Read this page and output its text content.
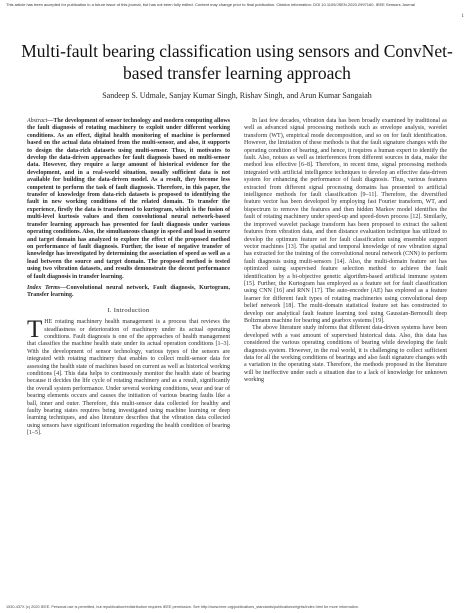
This article has been accepted for publication in a future issue of this journal, but has not been fully edited. Content may change prior to final publication. Citation information: DOI 10.1109/JSEN.2020.2997160, IEEE Sensors Journal
1
Multi-fault bearing classification using sensors and ConvNet-based transfer learning approach
Sandeep S. Udmale, Sanjay Kumar Singh, Rishav Singh, and Arun Kumar Sangaiah
Abstract—The development of sensor technology and modern computing allows the fault diagnosis of rotating machinery to exploit under different working conditions. As an effect, digital health monitoring of machine is performed based on the actual data obtained from the multi-sensor, and also, it supports to design the data-rich datasets using multi-sensor. Thus, it motivates to develop the data-driven approaches for fault diagnosis based on multi-sensor data. However, they require a large amount of historical evidence for the development, and in a real-world situation, usually sufficient data is not available for building the data-driven model. As a result, they become less competent to perform the task of fault diagnosis. Therefore, in this paper, the transfer of knowledge from data-rich datasets is proposed to identifying the fault in new working conditions of the related domain. To transfer the experience, firstly the data is transformed to kurtogram, which is the fusion of multi-level kurtosis values and then convolutional neural network-based transfer learning approach has presented for fault diagnosis under various operating conditions. Also, the simultaneous change in speed and load in source and target domain has analyzed to explore the effect of the proposed method on performance of fault diagnosis. Further, the issue of negative transfer of knowledge has investigated by determining the association of speed as well as a load between the source and target domain. The proposed method is tested using two vibration datasets, and results demonstrate the decent performance of fault diagnosis in transfer learning.
Index Terms—Convolutional neural network, Fault diagnosis, Kurtogram, Transfer learning.
I. Introduction
THE rotating machinery health management is a process that reviews the steadfastness or deterioration of machinery under its actual operating conditions. Fault diagnosis is one of the approaches of health management that classifies the machine health state under its actual operation conditions [1–3]. With the development of sensor technology, various types of the sensors are integrated with rotating machinery that enables to collect multi-sensor data for assessing the health state of machines based on current as well as historical working conditions [4]. This data helps to continuously monitor the health state of bearing because it decides the life cycle of rotating machinery and as a result, significantly the overall system performance. Under several working conditions, wear and tear of bearing elements occurs and causes the initiation of various bearing faults like a ball, inner and outer. Therefore, this multi-sensor data collected for healthy and faulty bearing states requires being investigated using machine learning or deep learning techniques, and also literature describes that the vibration data collected using sensors have significant information regarding the health condition of bearing [1–5].

In last few decades, vibration data has been broadly examined by traditional as well as advanced signal processing methods such as envelope analysis, wavelet transform (WT), empirical mode decomposition, and so on for fault identification. However, the limitation of these methods is that the fault signature changes with the operating condition of bearing, and hence, it requires a human expert to identify the fault. Also, noises as well as interferences from different sources in data, make the method less effective [6–8]. Therefore, in recent time, signal processing methods integrated with artificial intelligence techniques to develop an effective data-driven system for enhancing the performance of fault diagnosis. Thus, various features extracted from different signal processing domains has presented to artificial intelligence methods for fault classification [9–11]. Therefore, the diversified feature vector has been developed by employing fast Fourier transform, WT, and bispectrum to remove the features and then hidden Markov model identifies the fault of rotating machinery under speed-up and speed-down process [12]. Similarly, the improved wavelet package transform has been proposed to extract the salient features from vibration data, and then distance evaluation technique has utilized to develop the optimum feature set for fault classification using ensemble support vector machines [13]. The spatial and temporal knowledge of raw vibration signal has extracted for the training of the convolutional neural network (CNN) to perform fault diagnosis using multi-sensors [14]. Also, the multi-domain feature set has optimized using supervised feature selection method to achieve the fault identification by a bi-objective genetic algorithm-based artificial immune system [15]. Further, the Kurtogram has employed as a feature set for fault classification using CNN [16] and RNN [17]. The auto-encoder (AE) has explored as a feature learner for different fault types of rotating machineries using convolutional deep belief network [18]. The multi-domain statistical feature set has constructed to develop our analytical fault feature learning tool using Gaussian-Bernoulli deep Boltzmann machine for bearing and gearbox systems [19].

The above literature study informs that different data-driven systems have been developed with a vast amount of supervised historical data. Also, this data has considered the various operating conditions of bearing while developing the fault diagnosis system. However, in the real world, it is challenging to collect sufficient data for all the working conditions of bearings and also fault signature changes with a variation in the operating state. Therefore, the methods proposed in the literature will be ineffective under such a situation due to a lack of knowledge for unknown working

1530-437X (c) 2020 IEEE. Personal use is permitted, but republication/redistribution requires IEEE permission. See http://www.ieee.org/publications_standards/publications/rights/index.html for more information.
